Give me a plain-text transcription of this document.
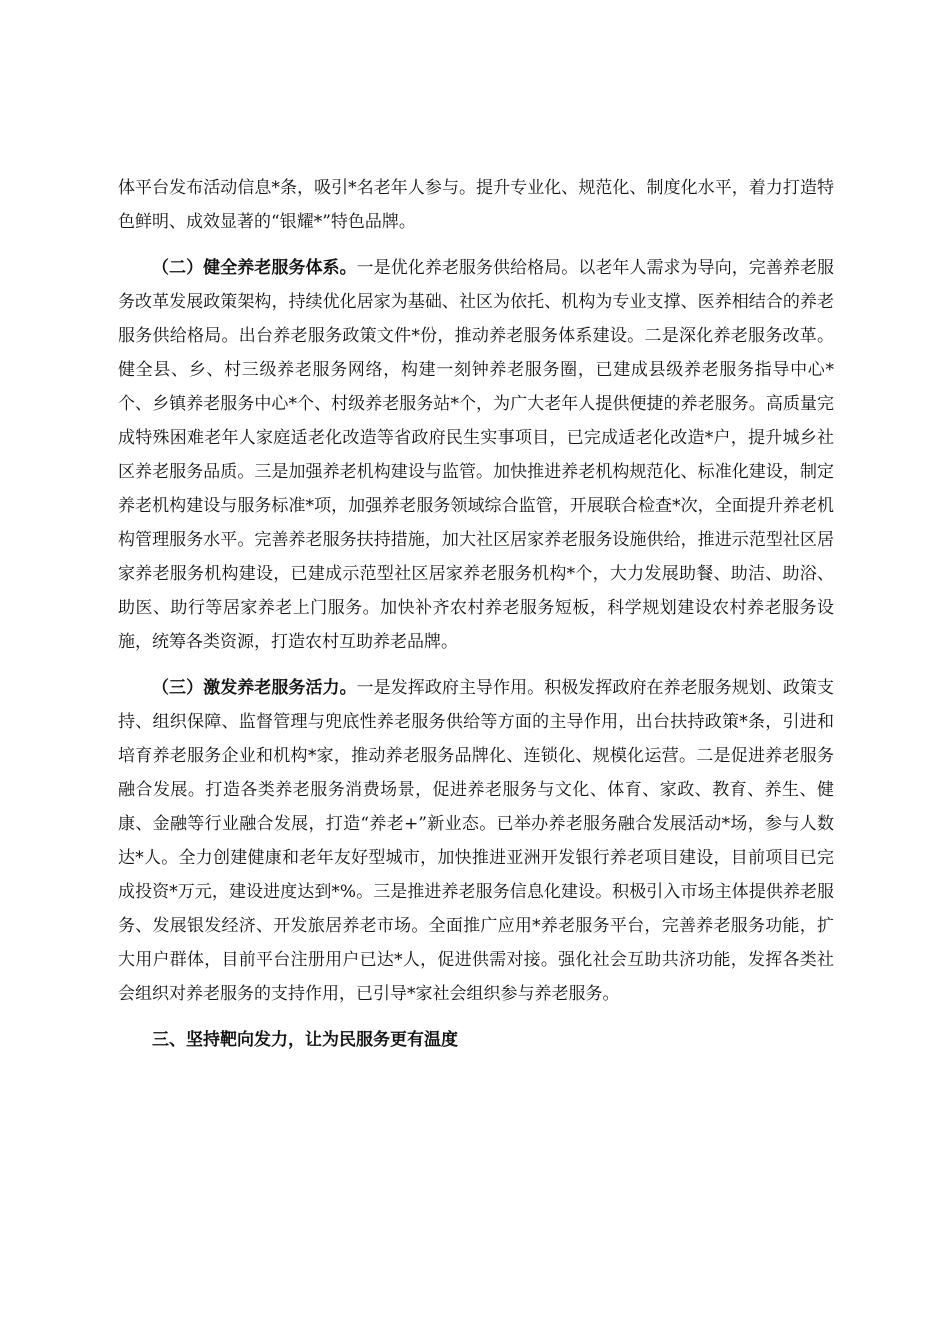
体平台发布活动信息*条，吸引*名老年人参与。提升专业化、规范化、制度化水平，着力打造特色鲜明、成效显著的“银耀*”特色品牌。

（二）健全养老服务体系。一是优化养老服务供给格局。以老年人需求为导向，完善养老服务改革发展政策架构，持续优化居家为基础、社区为依托、机构为专业支撑、医养相结合的养老服务供给格局。出台养老服务政策文件*份，推动养老服务体系建设。二是深化养老服务改革。健全县、乡、村三级养老服务网络，构建一刻钟养老服务圈，已建成县级养老服务指导中心*个、乡镇养老服务中心*个、村级养老服务站*个，为广大老年人提供便捷的养老服务。高质量完成特殊困难老年人家庭适老化改造等省政府民生实事项目，已完成适老化改造*户，提升城乡社区养老服务品质。三是加强养老机构建设与监管。加快推进养老机构规范化、标准化建设，制定养老机构建设与服务标准*项，加强养老服务领域综合监管，开展联合检查*次，全面提升养老机构管理服务水平。完善养老服务扶持措施，加大社区居家养老服务设施供给，推进示范型社区居家养老服务机构建设，已建成示范型社区居家养老服务机构*个，大力发展助餐、助洁、助浴、助医、助行等居家养老上门服务。加快补齐农村养老服务短板，科学规划建设农村养老服务设施，统筹各类资源，打造农村互助养老品牌。

（三）激发养老服务活力。一是发挥政府主导作用。积极发挥政府在养老服务规划、政策支持、组织保障、监督管理与兜底性养老服务供给等方面的主导作用，出台扶持政策*条，引进和培育养老服务企业和机构*家，推动养老服务品牌化、连锁化、规模化运营。二是促进养老服务融合发展。打造各类养老服务消费场景，促进养老服务与文化、体育、家政、教育、养生、健康、金融等行业融合发展，打造“养老+”新业态。已举办养老服务融合发展活动*场，参与人数达*人。全力创建健康和老年友好型城市，加快推进亚洲开发银行养老项目建设，目前项目已完成投资*万元，建设进度达到*%。三是推进养老服务信息化建设。积极引入市场主体提供养老服务、发展银发经济、开发旅居养老市场。全面推广应用*养老服务平台，完善养老服务功能，扩大用户群体，目前平台注册用户已达*人，促进供需对接。强化社会互助共济功能，发挥各类社会组织对养老服务的支持作用，已引导*家社会组织参与养老服务。

三、坚持靶向发力，让为民服务更有温度
